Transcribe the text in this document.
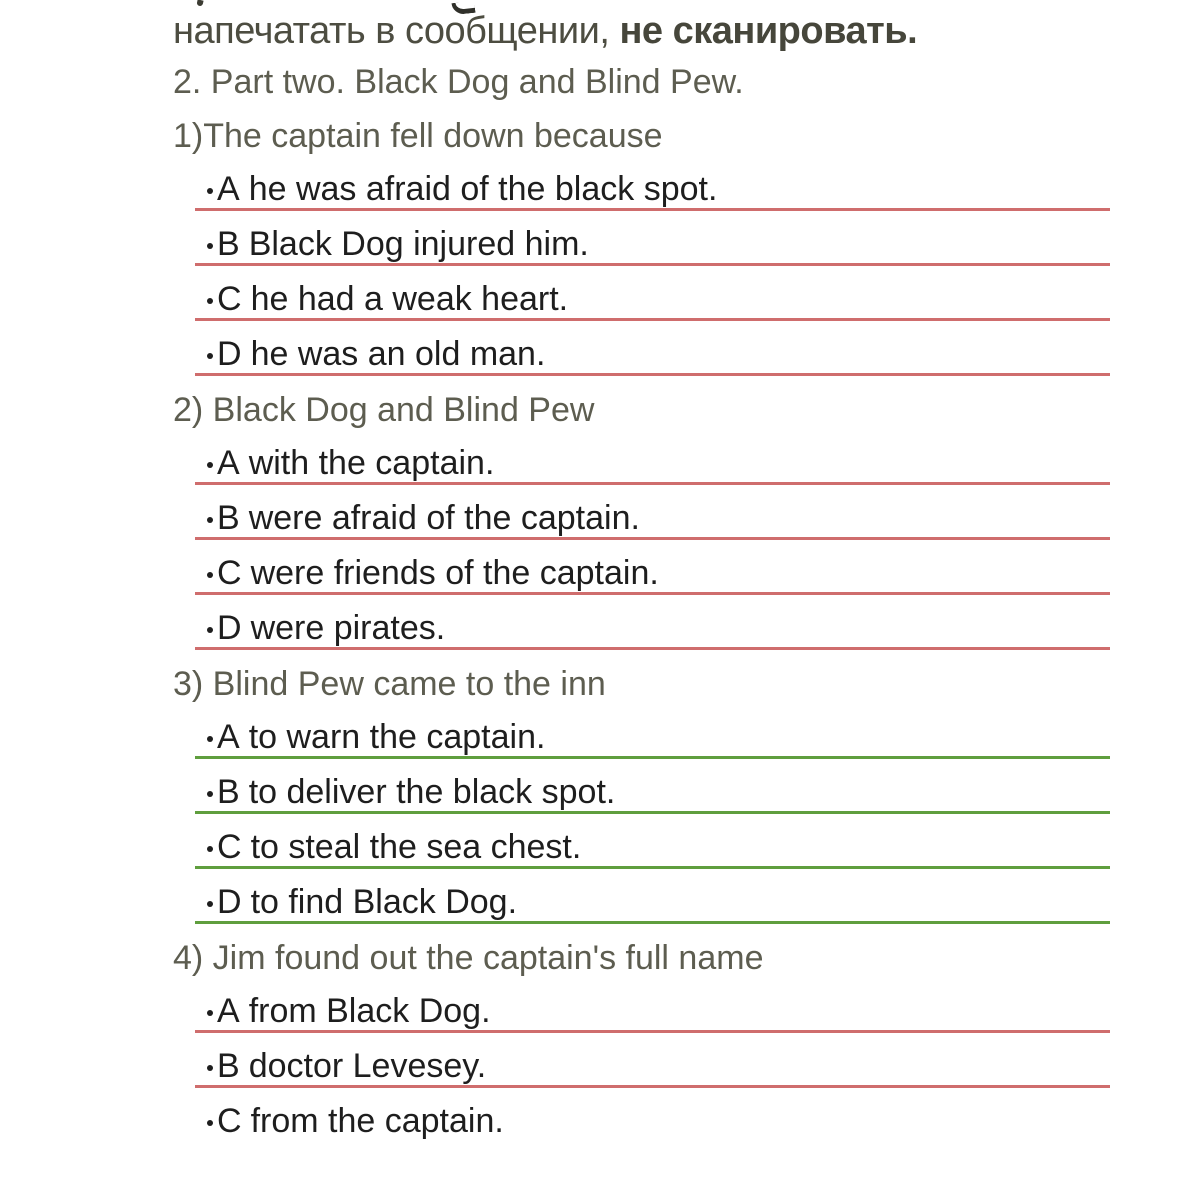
напечатать в сообщении, не сканировать.
2. Part two. Black Dog and Blind Pew.
1)The captain fell down because
A he was afraid of the black spot.
B Black Dog injured him.
C he had a weak heart.
D he was an old man.
2) Black Dog and Blind Pew
A with the captain.
B were afraid of the captain.
C were friends of the captain.
D were pirates.
3) Blind Pew came to the inn
A to warn the captain.
B to deliver the black spot.
C to steal the sea chest.
D to find Black Dog.
4) Jim found out the captain's full name
A from Black Dog.
B doctor Levesey.
C from the captain.
